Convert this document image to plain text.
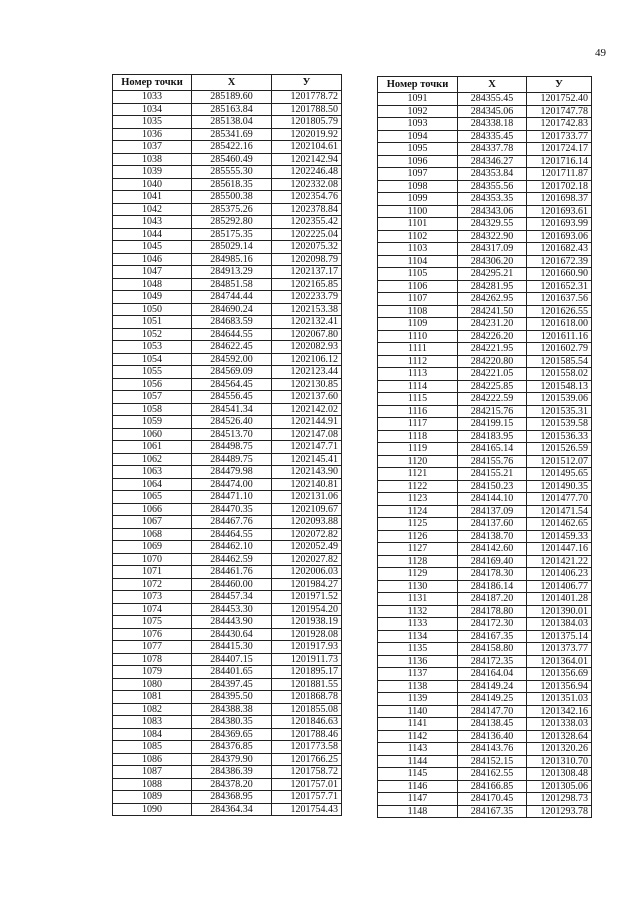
49
Номер точки	X	У
1033	285189.60	1201778.72
1034	285163.84	1201788.50
1035	285138.04	1201805.79
1036	285341.69	1202019.92
1037	285422.16	1202104.61
1038	285460.49	1202142.94
1039	285555.30	1202246.48
1040	285618.35	1202332.08
1041	285500.38	1202354.76
1042	285375.26	1202378.84
1043	285292.80	1202355.42
1044	285175.35	1202225.04
1045	285029.14	1202075.32
1046	284985.16	1202098.79
1047	284913.29	1202137.17
1048	284851.58	1202165.85
1049	284744.44	1202233.79
1050	284690.24	1202153.38
1051	284683.59	1202132.41
1052	284644.55	1202067.80
1053	284622.45	1202082.93
1054	284592.00	1202106.12
1055	284569.09	1202123.44
1056	284564.45	1202130.85
1057	284556.45	1202137.60
1058	284541.34	1202142.02
1059	284526.40	1202144.91
1060	284513.70	1202147.08
1061	284498.75	1202147.71
1062	284489.75	1202145.41
1063	284479.98	1202143.90
1064	284474.00	1202140.81
1065	284471.10	1202131.06
1066	284470.35	1202109.67
1067	284467.76	1202093.88
1068	284464.55	1202072.82
1069	284462.10	1202052.49
1070	284462.59	1202027.82
1071	284461.76	1202006.03
1072	284460.00	1201984.27
1073	284457.34	1201971.52
1074	284453.30	1201954.20
1075	284443.90	1201938.19
1076	284430.64	1201928.08
1077	284415.30	1201917.93
1078	284407.15	1201911.73
1079	284401.65	1201895.17
1080	284397.45	1201881.55
1081	284395.50	1201868.78
1082	284388.38	1201855.08
1083	284380.35	1201846.63
1084	284369.65	1201788.46
1085	284376.85	1201773.58
1086	284379.90	1201766.25
1087	284386.39	1201758.72
1088	284378.20	1201757.01
1089	284368.95	1201757.71
1090	284364.34	1201754.43
Номер точки	X	У
1091	284355.45	1201752.40
1092	284345.06	1201747.78
1093	284338.18	1201742.83
1094	284335.45	1201733.77
1095	284337.78	1201724.17
1096	284346.27	1201716.14
1097	284353.84	1201711.87
1098	284355.56	1201702.18
1099	284353.35	1201698.37
1100	284343.06	1201693.61
1101	284329.55	1201693.99
1102	284322.90	1201693.06
1103	284317.09	1201682.43
1104	284306.20	1201672.39
1105	284295.21	1201660.90
1106	284281.95	1201652.31
1107	284262.95	1201637.56
1108	284241.50	1201626.55
1109	284231.20	1201618.00
1110	284226.20	1201611.16
1111	284221.95	1201602.79
1112	284220.80	1201585.54
1113	284221.05	1201558.02
1114	284225.85	1201548.13
1115	284222.59	1201539.06
1116	284215.76	1201535.31
1117	284199.15	1201539.58
1118	284183.95	1201536.33
1119	284165.14	1201526.59
1120	284155.76	1201512.07
1121	284155.21	1201495.65
1122	284150.23	1201490.35
1123	284144.10	1201477.70
1124	284137.09	1201471.54
1125	284137.60	1201462.65
1126	284138.70	1201459.33
1127	284142.60	1201447.16
1128	284169.40	1201421.22
1129	284178.30	1201406.23
1130	284186.14	1201406.77
1131	284187.20	1201401.28
1132	284178.80	1201390.01
1133	284172.30	1201384.03
1134	284167.35	1201375.14
1135	284158.80	1201373.77
1136	284172.35	1201364.01
1137	284164.04	1201356.69
1138	284149.24	1201356.94
1139	284149.25	1201351.03
1140	284147.70	1201342.16
1141	284138.45	1201338.03
1142	284136.40	1201328.64
1143	284143.76	1201320.26
1144	284152.15	1201310.70
1145	284162.55	1201308.48
1146	284166.85	1201305.06
1147	284170.45	1201298.73
1148	284167.35	1201293.78
